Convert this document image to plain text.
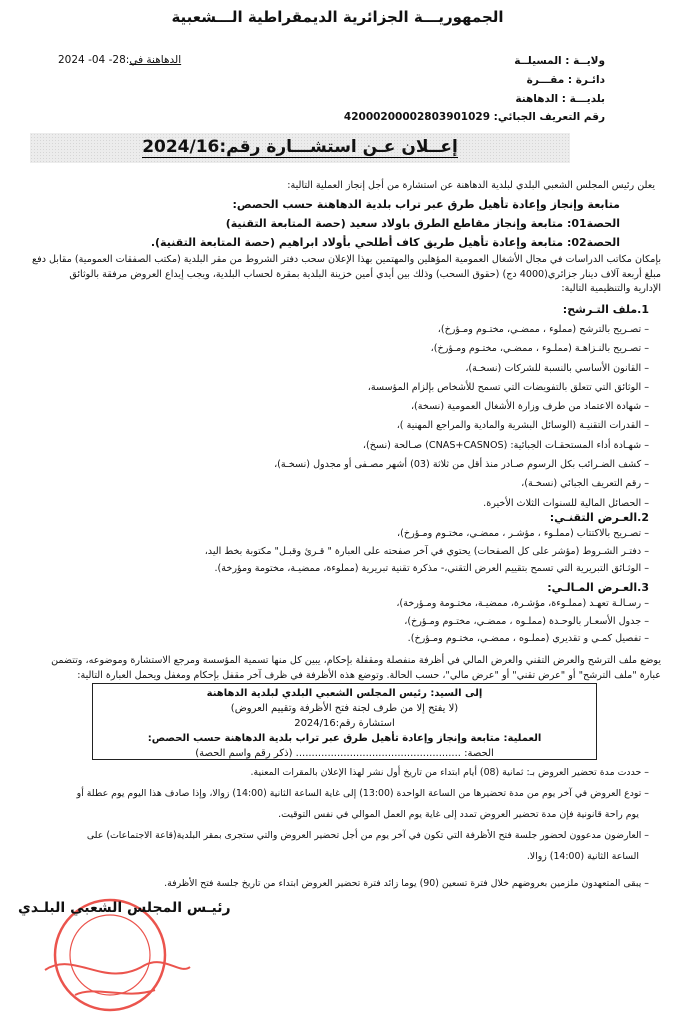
الجمهوريـــة الجزائرية الديمقراطية الـــشعبية
الدهاهنة في:28- 04- 2024	ولايــة : المسيلــة
دائـرة : مقـــرة
بلديـــة : الدهاهنة
رقم التعريف الجبائي: 42000200002803901029
إعــلان عـن استشـــارة رقم:2024/16
يعلن رئيس المجلس الشعبي البلدي لبلدية الدهاهنة عن استشارة من أجل إنجاز العملية التالية:
متابعة وإنجاز وإعادة تأهيل طرق عبر تراب بلدية الدهاهنة حسب الحصص:
الحصة01: متابعة وإنجاز مقاطع الطرق باولاد سعيد (حصة المتابعة التقنية)
الحصة02: متابعة وإعادة تأهيل طريق كاف أطلحي بأولاد ابراهيم (حصة المتابعة التقنية).
بإمكان مكاتب الدراسات في مجال الأشغال العمومية المؤهلين والمهتمين بهذا الإعلان سحب دفتر الشروط من مقر البلدية (مكتب الصفقات العمومية) مقابل دفع
مبلغ أربعة آلاف دينار جزائري(4000 دج) (حقوق السحب) وذلك بين أيدي أمين خزينة البلدية بمقرة لحساب البلدية، ويجب إيداع العروض مرفقة بالوثائق
الإدارية والتنظيمية التالية:
1.ملف التـرشح:
– تصـريح بالترشح (مملوء ، ممضـي، مختـوم ومـؤرخ)،
– تصـريح بالنـزاهـة (مملـوء ، ممضـي، مختـوم ومـؤرخ)،
– القانون الأساسي بالنسبة للشركات (نسخـة)،
– الوثائق التي تتعلق بالتفويضات التي تسمح للأشخاص بإلزام المؤسسة،
– شهادة الاعتماد من طرف وزارة الأشغال العمومية (نسخة)،
– القدرات التقنيـة (الوسائل البشرية والمادية والمراجع المهنية )،
– شهـادة أداء المستحقـات الجبائية: (CNAS+CASNOS) صـالحة (نسخ)،
– كشف الضـرائب بكل الرسوم صـادر منذ أقل من ثلاثة (03) أشهر مصـفى أو مجدول (نسخـة)،
– رقم التعريف الجبائي (نسخـة)،
– الحصائل المالية للسنوات الثلاث الأخيرة.
2.العـرض التقنـي:
– تصـريح بالاكتتاب (مملـوء ، مؤشـر ، ممضـي، مختـوم ومـؤرخ)،
– دفتـر الشـروط (مؤشر على كل الصفحات) يحتوي في آخر صفحته على العبارة " قـرئ وقبـل" مكتوبة بخط اليد،
– الوثـائق التبريرية التي تسمح بتقييم العرض التقني،- مذكرة تقنية تبريرية (مملوءة، ممضيـة، مختومة ومؤرخة).
3.العـرض المـالـي:
– رسـالـة تعهـد (مملـوءة، مؤشـرة، ممضيـة، مختـومة ومـؤرخة)،
– جدول الأسعـار بالوحـدة (مملـوه ، ممضـي، مختـوم ومـؤرخ)،
– تفصيل كمـي و تقديري (مملـوه ، ممضـي، مختـوم ومـؤرخ).
يوضع ملف الترشح والعرض التقني والعرض المالي في أظرفة منفصلة ومقفلة بإحكام، يبين كل منها تسمية المؤسسة ومرجع الاستشارة وموضوعه، وتتضمن
عبارة "ملف الترشح" أو "عرض تقني" أو "عرض مالي"، حسب الحالة. وتوضع هذه الأظرفة في ظرف آخر مقفل بإحكام ومغفل ويحمل العبارة التالية:
إلى السيد: رئيس المجلس الشعبي البلدي لبلدية الدهاهنة
(لا يفتح إلا من طرف لجنة فتح الأظرفة وتقييم العروض)
استشارة رقم:2024/16
العملية: متابعة وإنجاز وإعادة تأهيل طرق عبر تراب بلدية الدهاهنة حسب الحصص:
الحصة: .................................................... (ذكر رقم واسم الحصة)
– حددت مدة تحضير العروض بـ: ثمانية (08) أيام ابتداء من تاريخ أول نشر لهذا الإعلان بالمقرات المعنية.
– تودع العروض في آخر يوم من مدة تحضيرها من الساعة الواحدة (13:00) إلى غاية الساعة الثانية (14:00) زوالا، وإذا صادف هذا اليوم يوم عطلة أو
يوم راحة قانونية فإن مدة تحضير العروض تمدد إلى غاية يوم العمل الموالي في نفس التوقيت.
– العارضون مدعوون لحضور جلسة فتح الأظرفة التي تكون في آخر يوم من أجل تحضير العروض والتي ستجرى بمقر البلدية(قاعة الاجتماعات) على
الساعة الثانية (14:00) زوالا.
– يبقى المتعهدون ملزمين بعروضهم خلال فترة تسعين (90) يوما زائد فترة تحضير العروض ابتداء من تاريخ جلسة فتح الأظرفة.
رئيـس المجلس الشعبي البلـدي
